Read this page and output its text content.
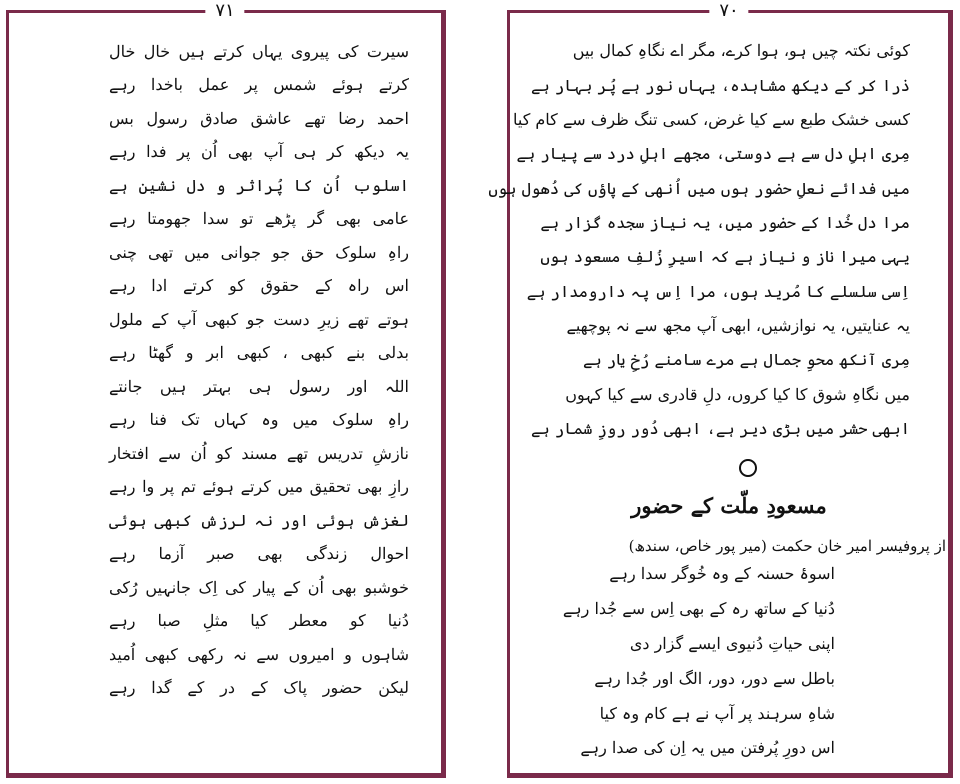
۷۱
سیرت کی پیروی یہاں کرتے ہیں خال خال
کرتے ہوئے شمس پر عمل باخدا رہے
احمد رضا تھے عاشق صادق رسول بس
یہ دیکھ کر ہی آپ بھی اُن پر فدا رہے
اسلوب اُن کا پُراثر و دل نشین ہے
عامی بھی گر پڑھے تو سدا جھومتا رہے
راہِ سلوک حق جو جوانی میں تھی چنی
اس راہ کے حقوق کو کرتے ادا رہے
ہوتے تھے زیرِ دست جو کبھی آپ کے ملول
بدلی بنے کبھی ، کبھی ابر و گھٹا رہے
اللہ اور رسول ہی بہتر ہیں جانتے
راہِ سلوک میں وہ کہاں تک فنا رہے
نازشِ تدریس تھے مسند کو اُن سے افتخار
رازِ بھی تحقیق میں کرتے ہوئے تم پر وا رہے
لغزش ہوئی اور نہ لرزش کبھی ہوئی
احوال زندگی بھی صبر آزما رہے
خوشبو بھی اُن کے پیار کی اِک جانہیں رُکی
دُنیا کو معطر کیا مثلِ صبا رہے
شاہوں و امیروں سے نہ رکھی کبھی اُمید
لیکن حضور پاک کے در کے گدا رہے
۷۰
کوئی نکتہ چیں ہو، ہوا کرے، مگر اے نگاہِ کمال بیں
ذرا کر کے دیکھ مشاہدہ، یہاں نور ہے پُر بہار ہے
کسی خشک طبع سے کیا غرض، کسی تنگ ظرف سے کام کیا
مِری اہلِ دل سے ہے دوستی، مجھے اہلِ درد سے پیار ہے
میں فدائے نعلِ حضور ہوں میں اُنھی کے پاؤں کی دُھول ہوں
مرا دل خُدا کے حضور میں، یہ نیاز سجدہ گزار ہے
یہی میرا ناز و نیاز ہے کہ اسیرِ زُلفِ مسعود ہوں
اِسی سلسلے کا مُرید ہوں، مرا اِس پہ دارومدار ہے
یہ عنایتیں، یہ نوازشیں، ابھی آپ مجھ سے نہ پوچھیے
مِری آنکھ محوِ جمال ہے مرے سامنے رُخِ یار ہے
میں نگاہِ شوق کا کیا کروں، دلِ قادری سے کیا کہوں
ابھی حشر میں بڑی دیر ہے، ابھی دُور روزِ شمار ہے
مسعودِ ملّت کے حضور
از پروفیسر امیر خان حکمت (میر پور خاص، سندھ)
اسوۂ حسنہ کے وہ خُوگر سدا رہے
دُنیا کے ساتھ رہ کے بھی اِس سے جُدا رہے
اپنی حیاتِ دُنیوی ایسے گزار دی
باطل سے دور، دور، الگ اور جُدا رہے
شاہِ سرہند پر آپ نے ہے کام وہ کیا
اس دورِ پُرفتن میں یہ اِن کی صدا رہے
